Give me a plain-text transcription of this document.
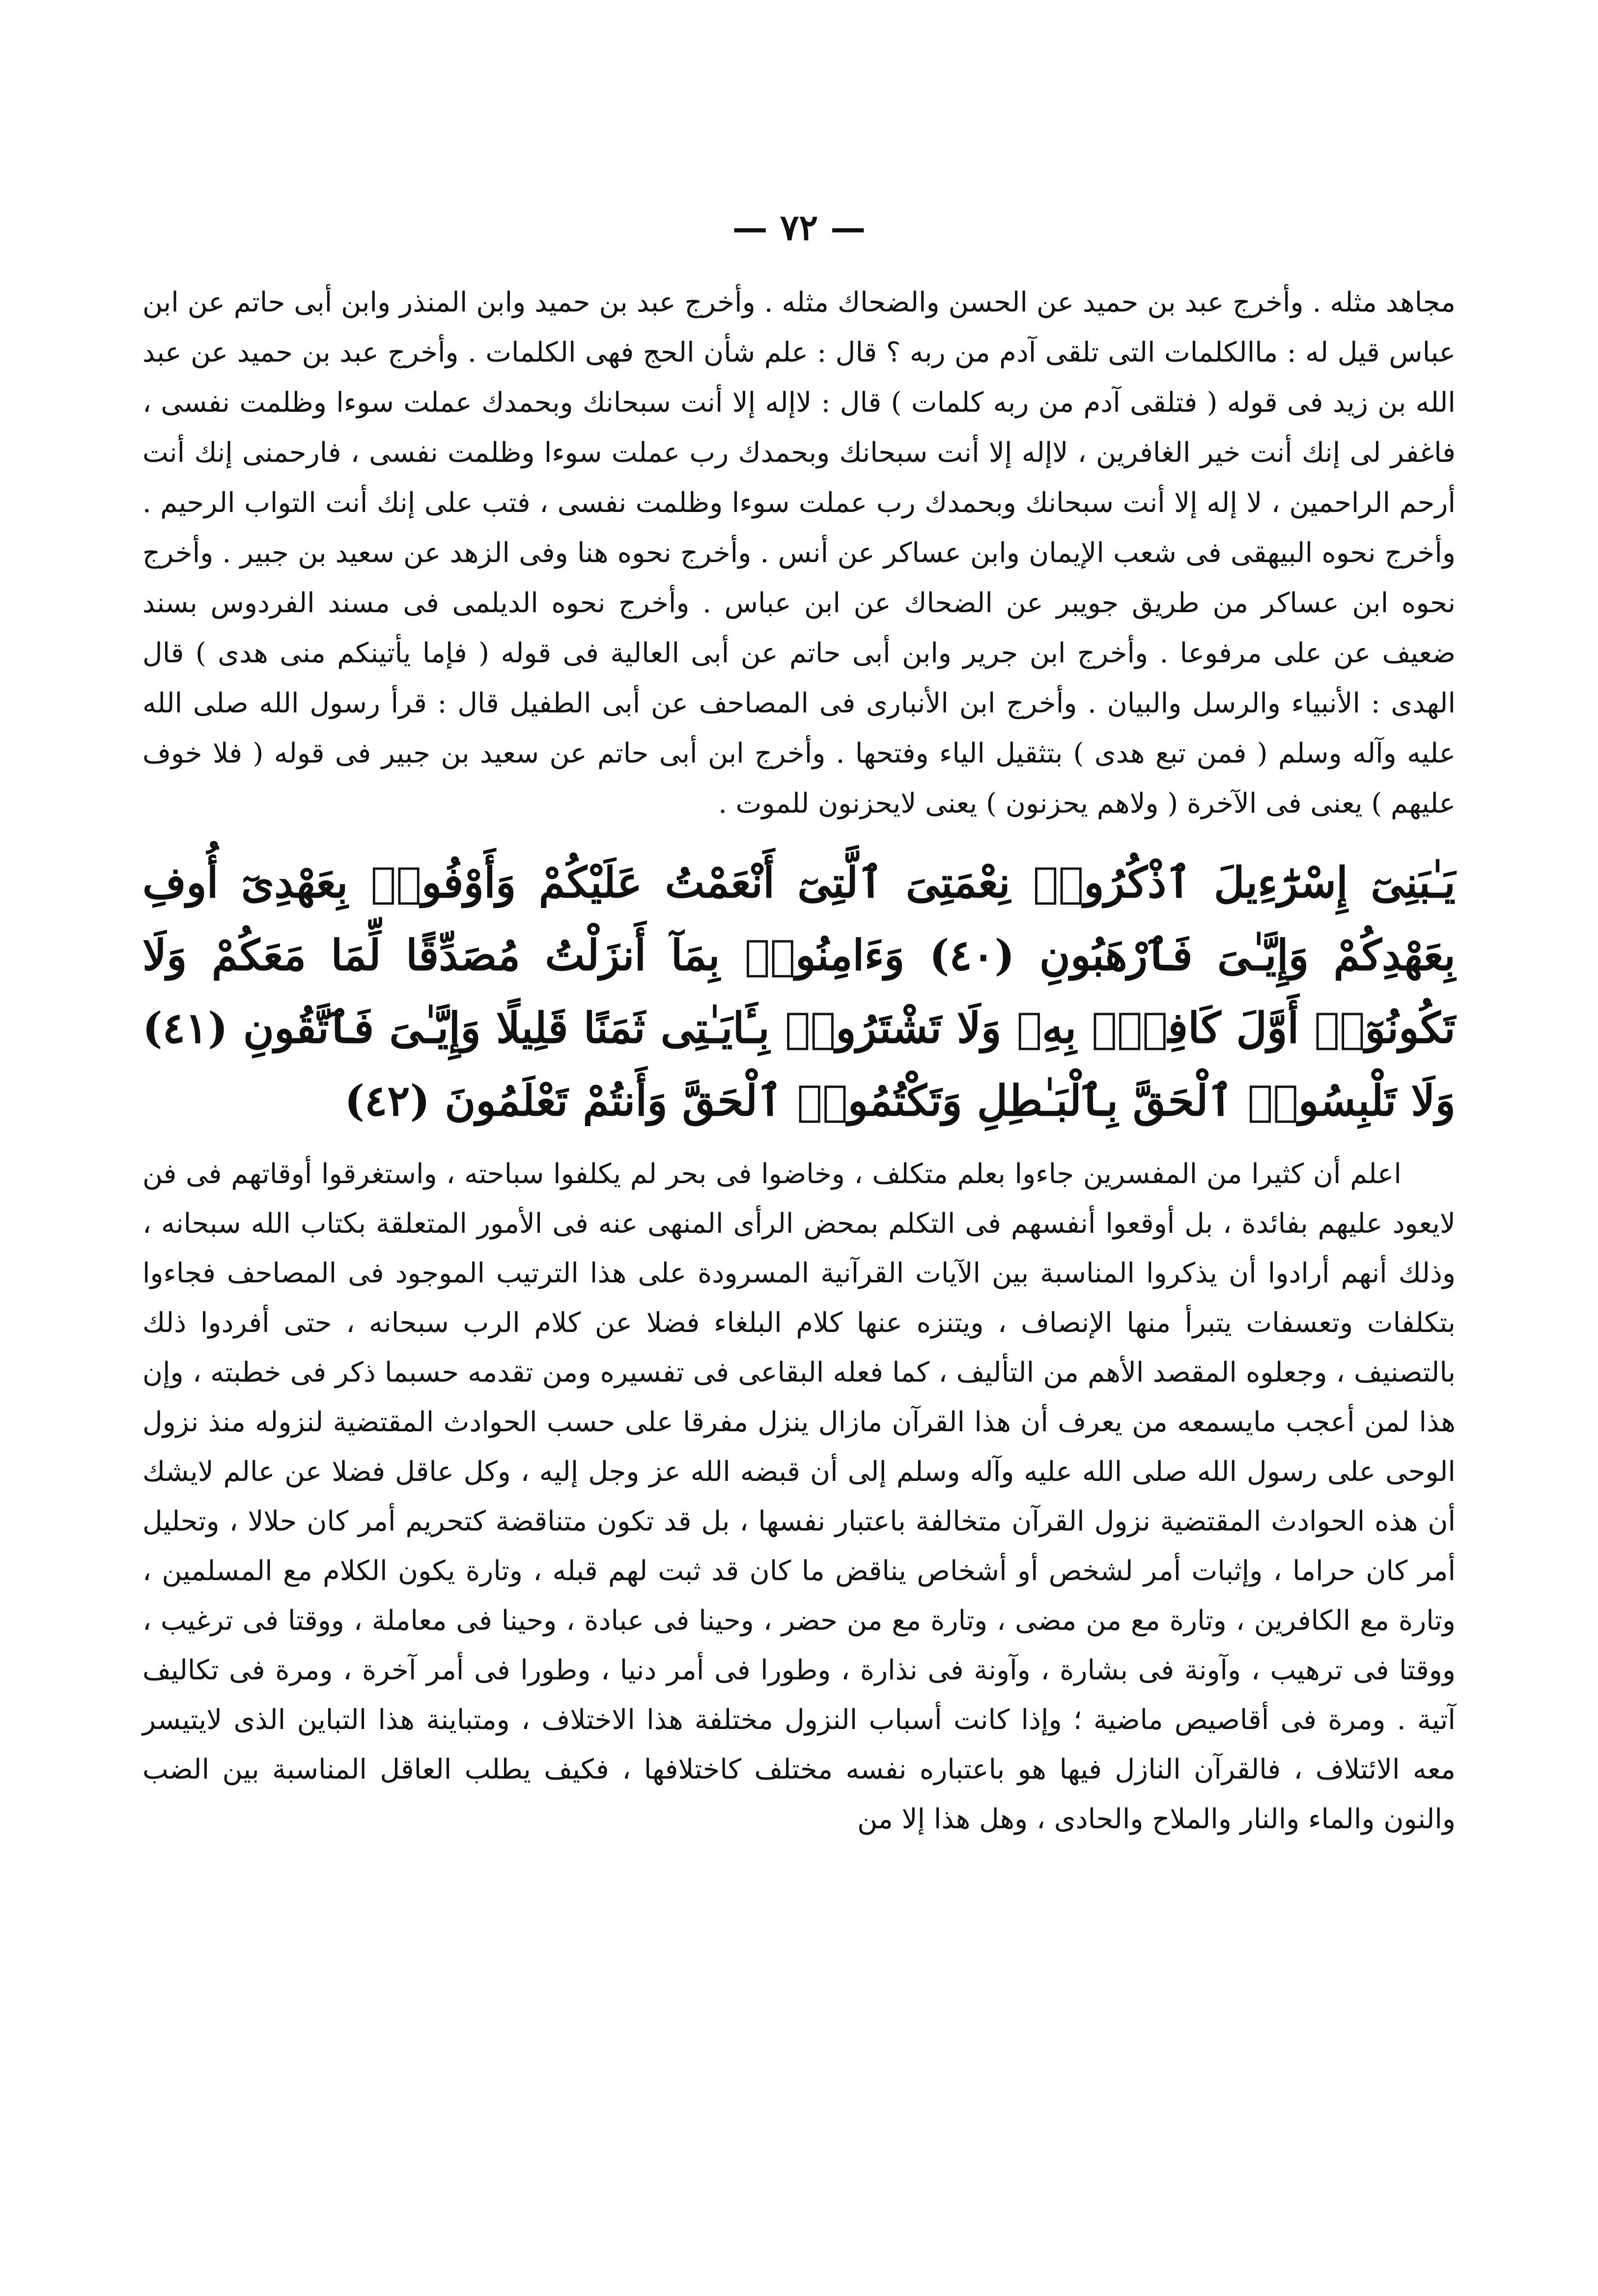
— ٧٢ —

مجاهد مثله . وأخرج عبد بن حميد عن الحسن والضحاك مثله . وأخرج عبد بن حميد وابن المنذر وابن أبى حاتم عن ابن عباس قيل له : ماالكلمات التى تلقى آدم من ربه ؟ قال : علم شأن الحج فهى الكلمات . وأخرج عبد بن حميد عن عبد الله بن زيد فى قوله ( فتلقى آدم من ربه كلمات ) قال : لاإله إلا أنت سبحانك وبحمدك عملت سوءا وظلمت نفسى ، فاغفر لى إنك أنت خير الغافرين ، لاإله إلا أنت سبحانك وبحمدك رب عملت سوءا وظلمت نفسى ، فارحمنى إنك أنت أرحم الراحمين ، لا إله إلا أنت سبحانك وبحمدك رب عملت سوءا وظلمت نفسى ، فتب على إنك أنت التواب الرحيم . وأخرج نحوه البيهقى فى شعب الإيمان وابن عساكر عن أنس . وأخرج نحوه هنا وفى الزهد عن سعيد بن جبير . وأخرج نحوه ابن عساكر من طريق جويبر عن الضحاك عن ابن عباس . وأخرج نحوه الديلمى فى مسند الفردوس بسند ضعيف عن على مرفوعا . وأخرج ابن جرير وابن أبى حاتم عن أبى العالية فى قوله ( فإما يأتينكم منى هدى ) قال الهدى : الأنبياء والرسل والبيان . وأخرج ابن الأنبارى فى المصاحف عن أبى الطفيل قال : قرأ رسول الله صلى الله عليه وآله وسلم ( فمن تبع هدى ) بتثقيل الياء وفتحها . وأخرج ابن أبى حاتم عن سعيد بن جبير فى قوله ( فلا خوف عليهم ) يعنى فى الآخرة ( ولاهم يحزنون ) يعنى لايحزنون للموت .

يَـٰبَنِىٓ إِسْرَٰٓءِيلَ ٱذْكُرُوا۟ نِعْمَتِىَ ٱلَّتِىٓ أَنْعَمْتُ عَلَيْكُمْ وَأَوْفُوا۟ بِعَهْدِىٓ أُوفِ بِعَهْدِكُمْ وَإِيَّـٰىَ فَٱرْهَبُونِ (٤٠) وَءَامِنُوا۟ بِمَآ أَنزَلْتُ مُصَدِّقًا لِّمَا مَعَكُمْ وَلَا تَكُونُوٓا۟ أَوَّلَ كَافِرٍۭ بِهِۦ وَلَا تَشْتَرُوا۟ بِـَٔايَـٰتِى ثَمَنًا قَلِيلًا وَإِيَّـٰىَ فَٱتَّقُونِ (٤١) وَلَا تَلْبِسُوا۟ ٱلْحَقَّ بِٱلْبَـٰطِلِ وَتَكْتُمُوا۟ ٱلْحَقَّ وَأَنتُمْ تَعْلَمُونَ (٤٢)

اعلم أن كثيرا من المفسرين جاءوا بعلم متكلف ، وخاضوا فى بحر لم يكلفوا سباحته ، واستغرقوا أوقاتهم فى فن لايعود عليهم بفائدة ، بل أوقعوا أنفسهم فى التكلم بمحض الرأى المنهى عنه فى الأمور المتعلقة بكتاب الله سبحانه ، وذلك أنهم أرادوا أن يذكروا المناسبة بين الآيات القرآنية المسرودة على هذا الترتيب الموجود فى المصاحف فجاءوا بتكلفات وتعسفات يتبرأ منها الإنصاف ، ويتنزه عنها كلام البلغاء فضلا عن كلام الرب سبحانه ، حتى أفردوا ذلك بالتصنيف ، وجعلوه المقصد الأهم من التأليف ، كما فعله البقاعى فى تفسيره ومن تقدمه حسبما ذكر فى خطبته ، وإن هذا لمن أعجب مايسمعه من يعرف أن هذا القرآن مازال ينزل مفرقا على حسب الحوادث المقتضية لنزوله منذ نزول الوحى على رسول الله صلى الله عليه وآله وسلم إلى أن قبضه الله عز وجل إليه ، وكل عاقل فضلا عن عالم لايشك أن هذه الحوادث المقتضية نزول القرآن متخالفة باعتبار نفسها ، بل قد تكون متناقضة كتحريم أمر كان حلالا ، وتحليل أمر كان حراما ، وإثبات أمر لشخص أو أشخاص يناقض ما كان قد ثبت لهم قبله ، وتارة يكون الكلام مع المسلمين ، وتارة مع الكافرين ، وتارة مع من مضى ، وتارة مع من حضر ، وحينا فى عبادة ، وحينا فى معاملة ، ووقتا فى ترغيب ، ووقتا فى ترهيب ، وآونة فى بشارة ، وآونة فى نذارة ، وطورا فى أمر دنيا ، وطورا فى أمر آخرة ، ومرة فى تكاليف آتية . ومرة فى أقاصيص ماضية ؛ وإذا كانت أسباب النزول مختلفة هذا الاختلاف ، ومتباينة هذا التباين الذى لايتيسر معه الائتلاف ، فالقرآن النازل فيها هو باعتباره نفسه مختلف كاختلافها ، فكيف يطلب العاقل المناسبة بين الضب والنون والماء والنار والملاح والحادى ، وهل هذا إلا من
